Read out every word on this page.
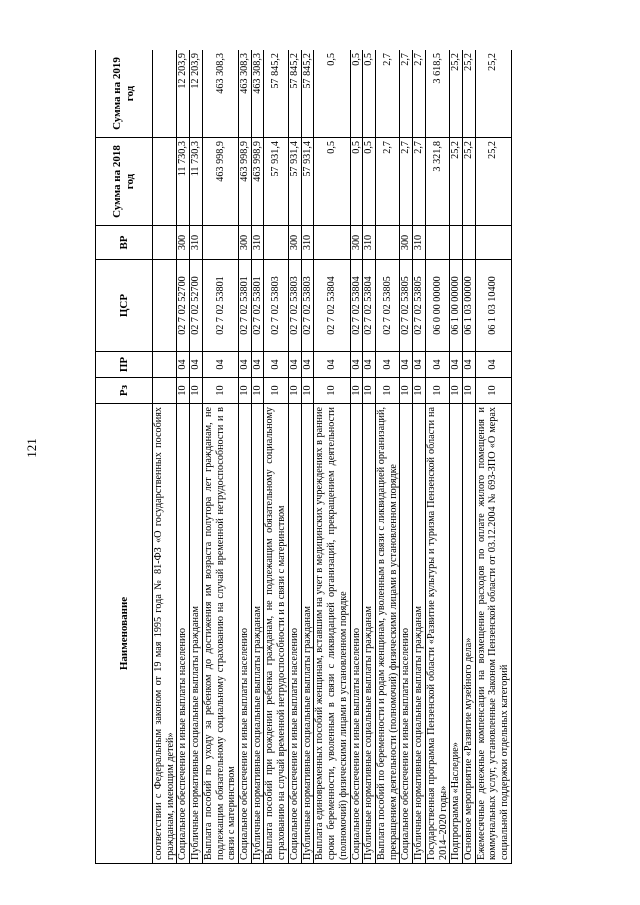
121
Наименование	Рз	ПР	ЦСР	ВР	Сумма на 2018 год	Сумма на 2019 год
соответствии с Федеральным законом от 19 мая 1995 года № 81-ФЗ «О государственных пособиях гражданам, имеющим детей»						
Социальное обеспечение и иные выплаты населению	10	04	02 7 02 52700	300	11 730,3	12 203,9
Публичные нормативные социальные выплаты гражданам	10	04	02 7 02 52700	310	11 730,3	12 203,9
Выплата пособий по уходу за ребенком до достижения им возраста полутора лет гражданам, не подлежащим обязательному социальному страхованию на случай временной нетрудоспособности и в связи с материнством	10	04	02 7 02 53801		463 998,9	463 308,3
Социальное обеспечение и иные выплаты населению	10	04	02 7 02 53801	300	463 998,9	463 308,3
Публичные нормативные социальные выплаты гражданам	10	04	02 7 02 53801	310	463 998,9	463 308,3
Выплата пособий при рождении ребенка гражданам, не подлежащим обязательному социальному страхованию на случай временной нетрудоспособности и в связи с материнством	10	04	02 7 02 53803		57 931,4	57 845,2
Социальное обеспечение и иные выплаты населению	10	04	02 7 02 53803	300	57 931,4	57 845,2
Публичные нормативные социальные выплаты гражданам	10	04	02 7 02 53803	310	57 931,4	57 845,2
Выплата единовременных пособий женщинам, вставшим на учет в медицинских учреждениях в ранние сроки беременности, уволенным в связи с ликвидацией организаций, прекращением деятельности (полномочий) физическими лицами в установленном порядке	10	04	02 7 02 53804		0,5	0,5
Социальное обеспечение и иные выплаты населению	10	04	02 7 02 53804	300	0,5	0,5
Публичные нормативные социальные выплаты гражданам	10	04	02 7 02 53804	310	0,5	0,5
Выплата пособий по беременности и родам женщинам, уволенным в связи с ликвидацией организаций, прекращением деятельности (полномочий) физическими лицами в установленном порядке	10	04	02 7 02 53805		2,7	2,7
Социальное обеспечение и иные выплаты населению	10	04	02 7 02 53805	300	2,7	2,7
Публичные нормативные социальные выплаты гражданам	10	04	02 7 02 53805	310	2,7	2,7
Государственная программа Пензенской области «Развитие культуры и туризма Пензенской области на 2014–2020 годы»	10	04	06 0 00 00000		3 321,8	3 618,5
Подпрограмма «Наследие»	10	04	06 1 00 00000		25,2	25,2
Основное мероприятие «Развитие музейного дела»	10	04	06 1 03 00000		25,2	25,2
Ежемесячные денежные компенсации на возмещение расходов по оплате жилого помещения и коммунальных услуг, установленные Законом Пензенской области от 03.12.2004 № 693-ЗПО «О мерах социальной поддержки отдельных категорий	10	04	06 1 03 10400		25,2	25,2
